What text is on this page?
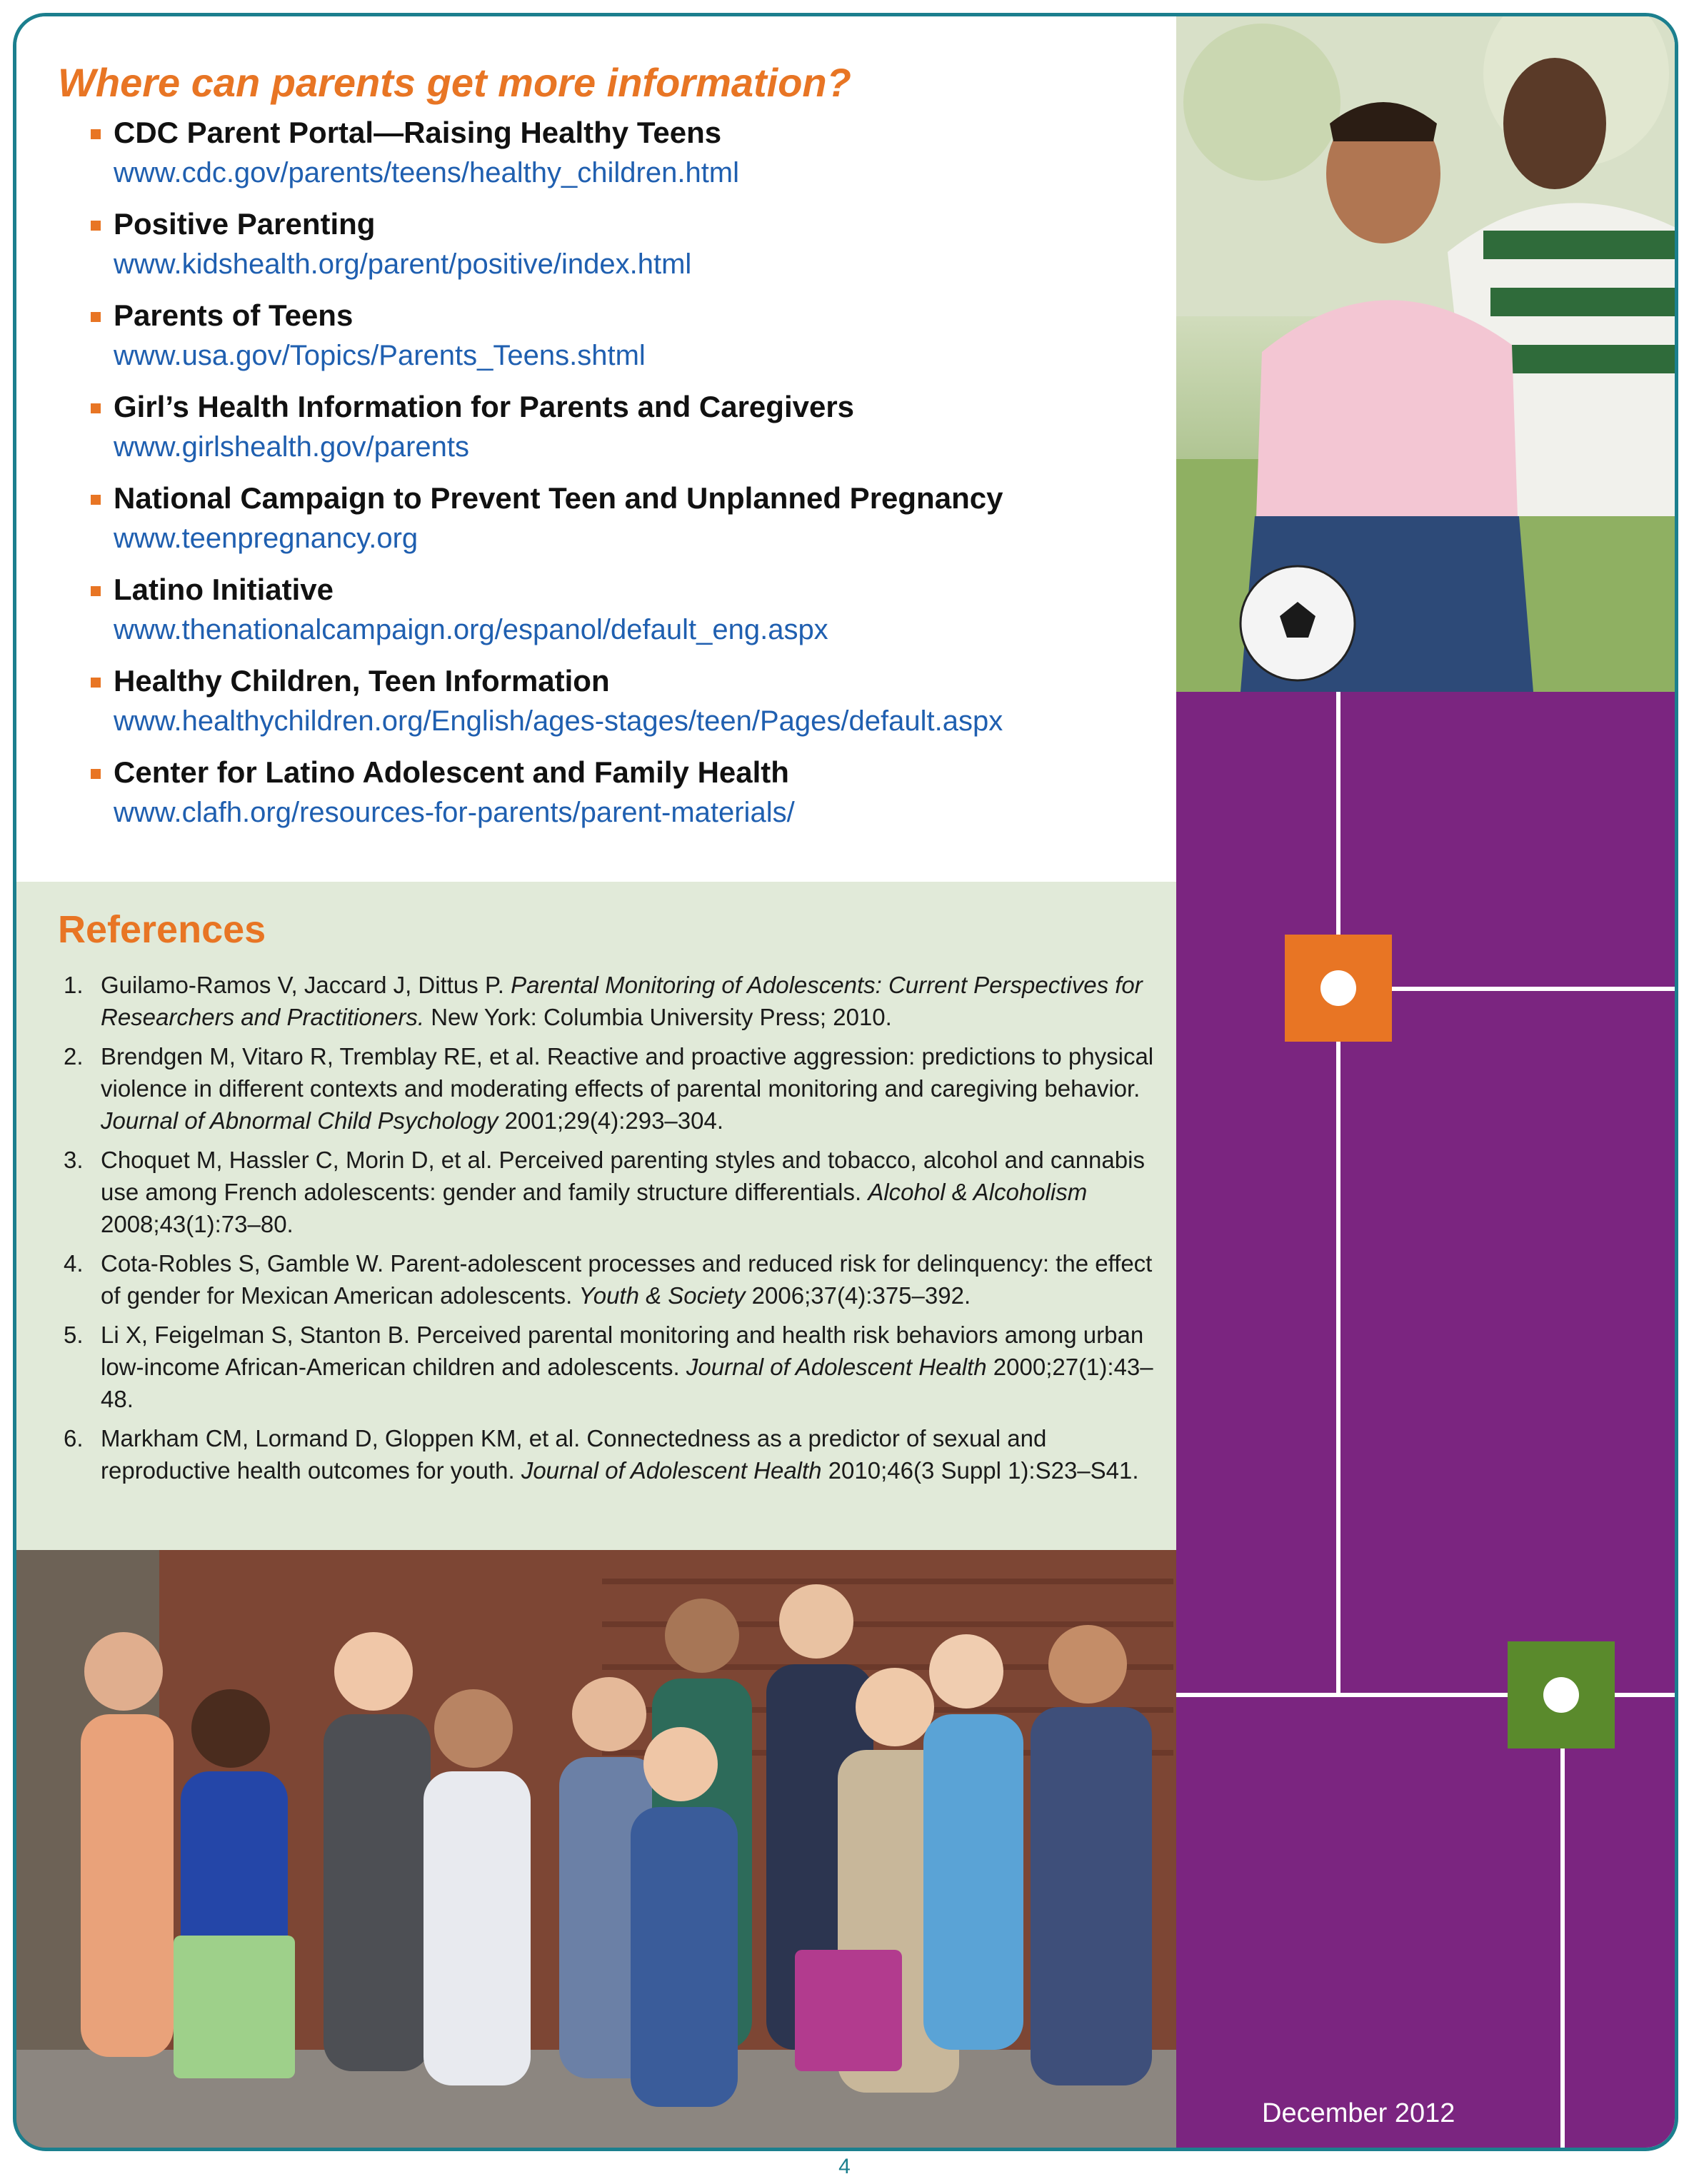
Where can parents get more information?
CDC Parent Portal—Raising Healthy Teens
www.cdc.gov/parents/teens/healthy_children.html
Positive Parenting
www.kidshealth.org/parent/positive/index.html
Parents of Teens
www.usa.gov/Topics/Parents_Teens.shtml
Girl’s Health Information for Parents and Caregivers
www.girlshealth.gov/parents
National Campaign to Prevent Teen and Unplanned Pregnancy
www.teenpregnancy.org
Latino Initiative
www.thenationalcampaign.org/espanol/default_eng.aspx
Healthy Children, Teen Information
www.healthychildren.org/English/ages-stages/teen/Pages/default.aspx
Center for Latino Adolescent and Family Health
www.clafh.org/resources-for-parents/parent-materials/
References
1. Guilamo-Ramos V, Jaccard J, Dittus P. Parental Monitoring of Adolescents: Current Perspectives for Researchers and Practitioners. New York: Columbia University Press; 2010.
2. Brendgen M, Vitaro R, Tremblay RE, et al. Reactive and proactive aggression: predictions to physical violence in different contexts and moderating effects of parental monitoring and caregiving behavior. Journal of Abnormal Child Psychology 2001;29(4):293–304.
3. Choquet M, Hassler C, Morin D, et al. Perceived parenting styles and tobacco, alcohol and cannabis use among French adolescents: gender and family structure differentials. Alcohol & Alcoholism 2008;43(1):73–80.
4. Cota-Robles S, Gamble W. Parent-adolescent processes and reduced risk for delinquency: the effect of gender for Mexican American adolescents. Youth & Society 2006;37(4):375–392.
5. Li X, Feigelman S, Stanton B. Perceived parental monitoring and health risk behaviors among urban low-income African-American children and adolescents. Journal of Adolescent Health 2000;27(1):43–48.
6. Markham CM, Lormand D, Gloppen KM, et al. Connectedness as a predictor of sexual and reproductive health outcomes for youth. Journal of Adolescent Health 2010;46(3 Suppl 1):S23–S41.
December 2012
4
